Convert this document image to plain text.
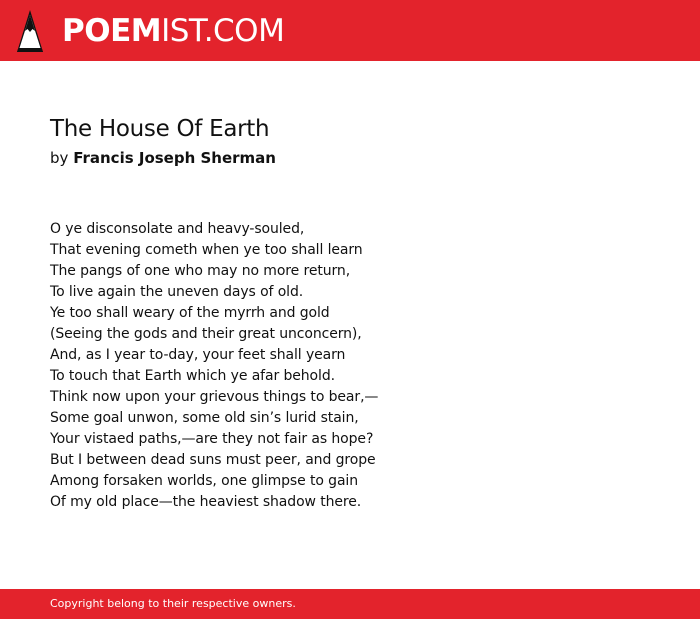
POEMIST.COM
The House Of Earth
by Francis Joseph Sherman
O ye disconsolate and heavy-souled,
That evening cometh when ye too shall learn
The pangs of one who may no more return,
To live again the uneven days of old.
Ye too shall weary of the myrrh and gold
(Seeing the gods and their great unconcern),
And, as I year to-day, your feet shall yearn
To touch that Earth which ye afar behold.
Think now upon your grievous things to bear,—
Some goal unwon, some old sin’s lurid stain,
Your vistaed paths,—are they not fair as hope?
But I between dead suns must peer, and grope
Among forsaken worlds, one glimpse to gain
Of my old place—the heaviest shadow there.
Copyright belong to their respective owners.
